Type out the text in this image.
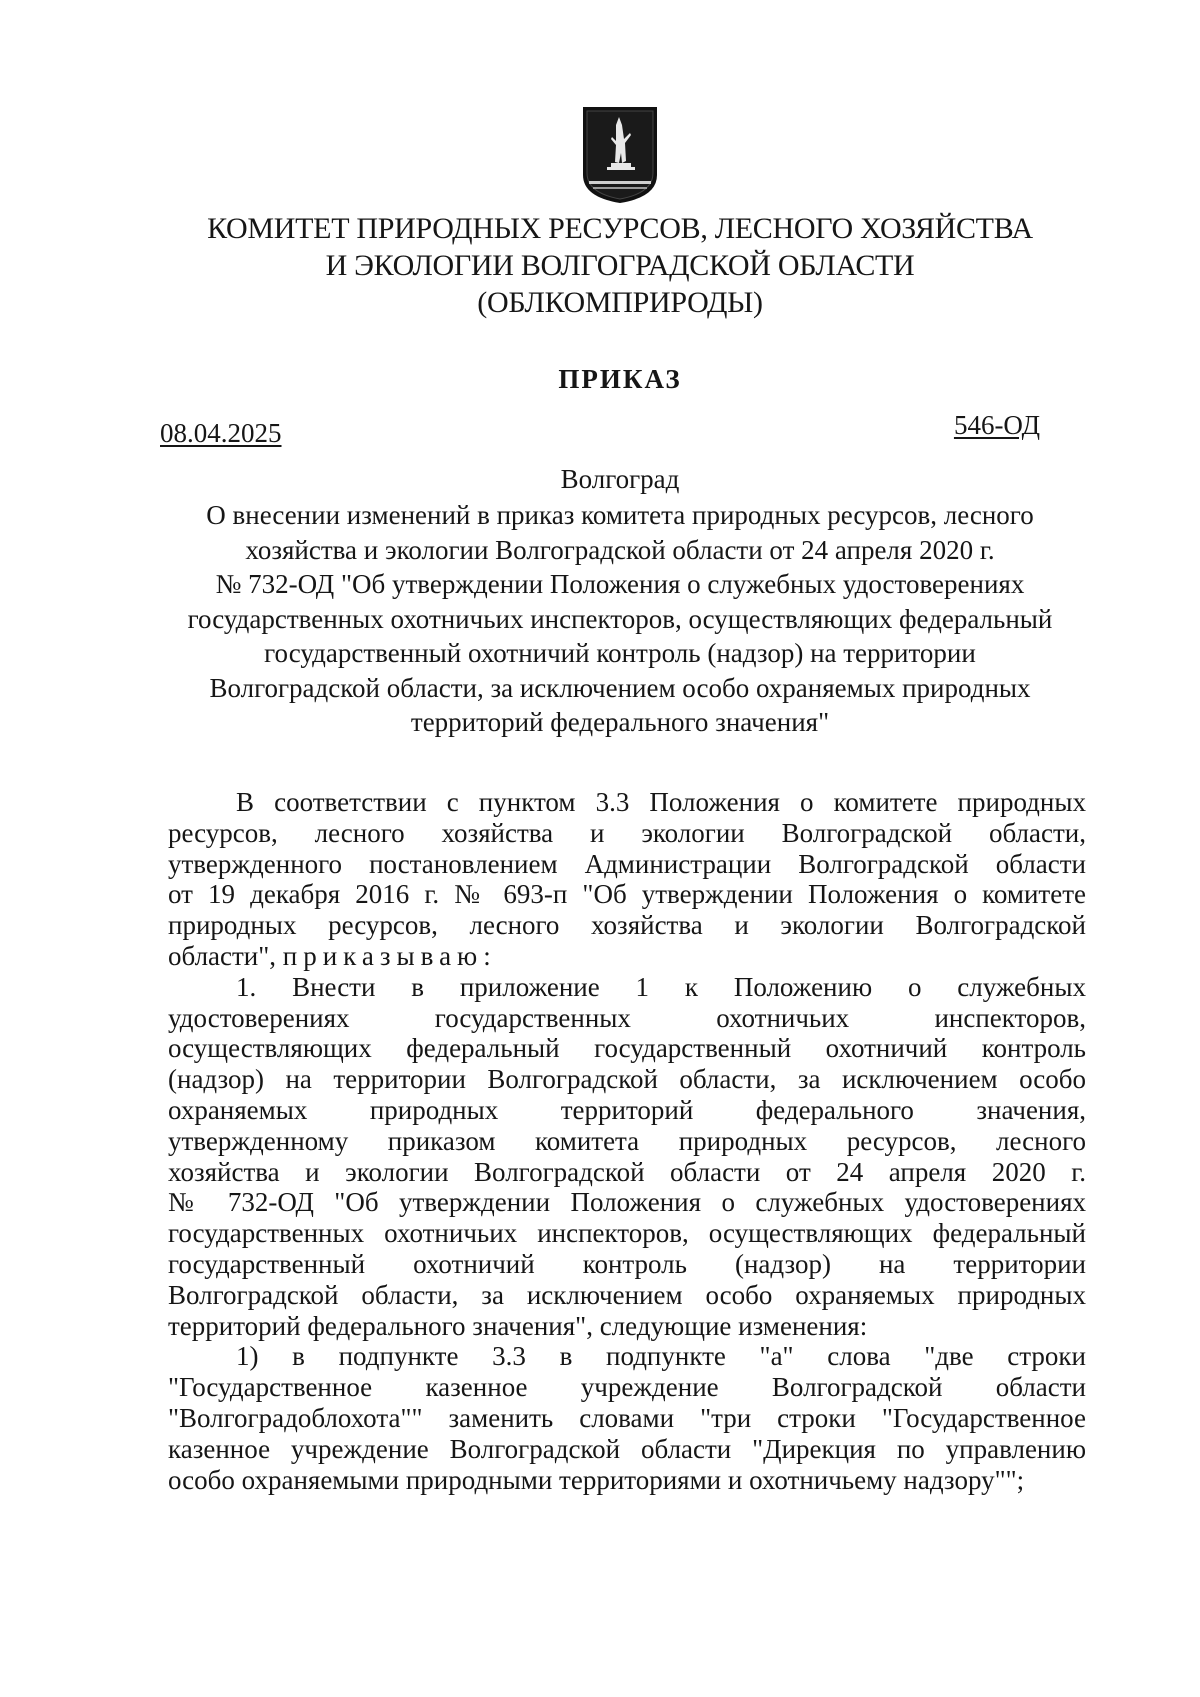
КОМИТЕТ ПРИРОДНЫХ РЕСУРСОВ, ЛЕСНОГО ХОЗЯЙСТВА
И ЭКОЛОГИИ ВОЛГОГРАДСКОЙ ОБЛАСТИ
(ОБЛКОМПРИРОДЫ)
ПРИКАЗ
08.04.2025	546-ОД
Волгоград
О внесении изменений в приказ комитета природных ресурсов, лесного
хозяйства и экологии Волгоградской области от 24 апреля 2020 г.
№ 732-ОД "Об утверждении Положения о служебных удостоверениях
государственных охотничьих инспекторов, осуществляющих федеральный
государственный охотничий контроль (надзор) на территории
Волгоградской области, за исключением особо охраняемых природных
территорий федерального значения"
В соответствии с пунктом 3.3 Положения о комитете природных
ресурсов, лесного хозяйства и экологии Волгоградской области,
утвержденного постановлением Администрации Волгоградской области
от 19 декабря 2016 г. № 693-п "Об утверждении Положения о комитете
природных ресурсов, лесного хозяйства и экологии Волгоградской
области", приказываю:
1. Внести в приложение 1 к Положению о служебных
удостоверениях государственных охотничьих инспекторов,
осуществляющих федеральный государственный охотничий контроль
(надзор) на территории Волгоградской области, за исключением особо
охраняемых природных территорий федерального значения,
утвержденному приказом комитета природных ресурсов, лесного
хозяйства и экологии Волгоградской области от 24 апреля 2020 г.
№ 732-ОД "Об утверждении Положения о служебных удостоверениях
государственных охотничьих инспекторов, осуществляющих федеральный
государственный охотничий контроль (надзор) на территории
Волгоградской области, за исключением особо охраняемых природных
территорий федерального значения", следующие изменения:
1) в подпункте 3.3 в подпункте "а" слова "две строки
"Государственное казенное учреждение Волгоградской области
"Волгоградоблохота"" заменить словами "три строки "Государственное
казенное учреждение Волгоградской области "Дирекция по управлению
особо охраняемыми природными территориями и охотничьему надзору"";
